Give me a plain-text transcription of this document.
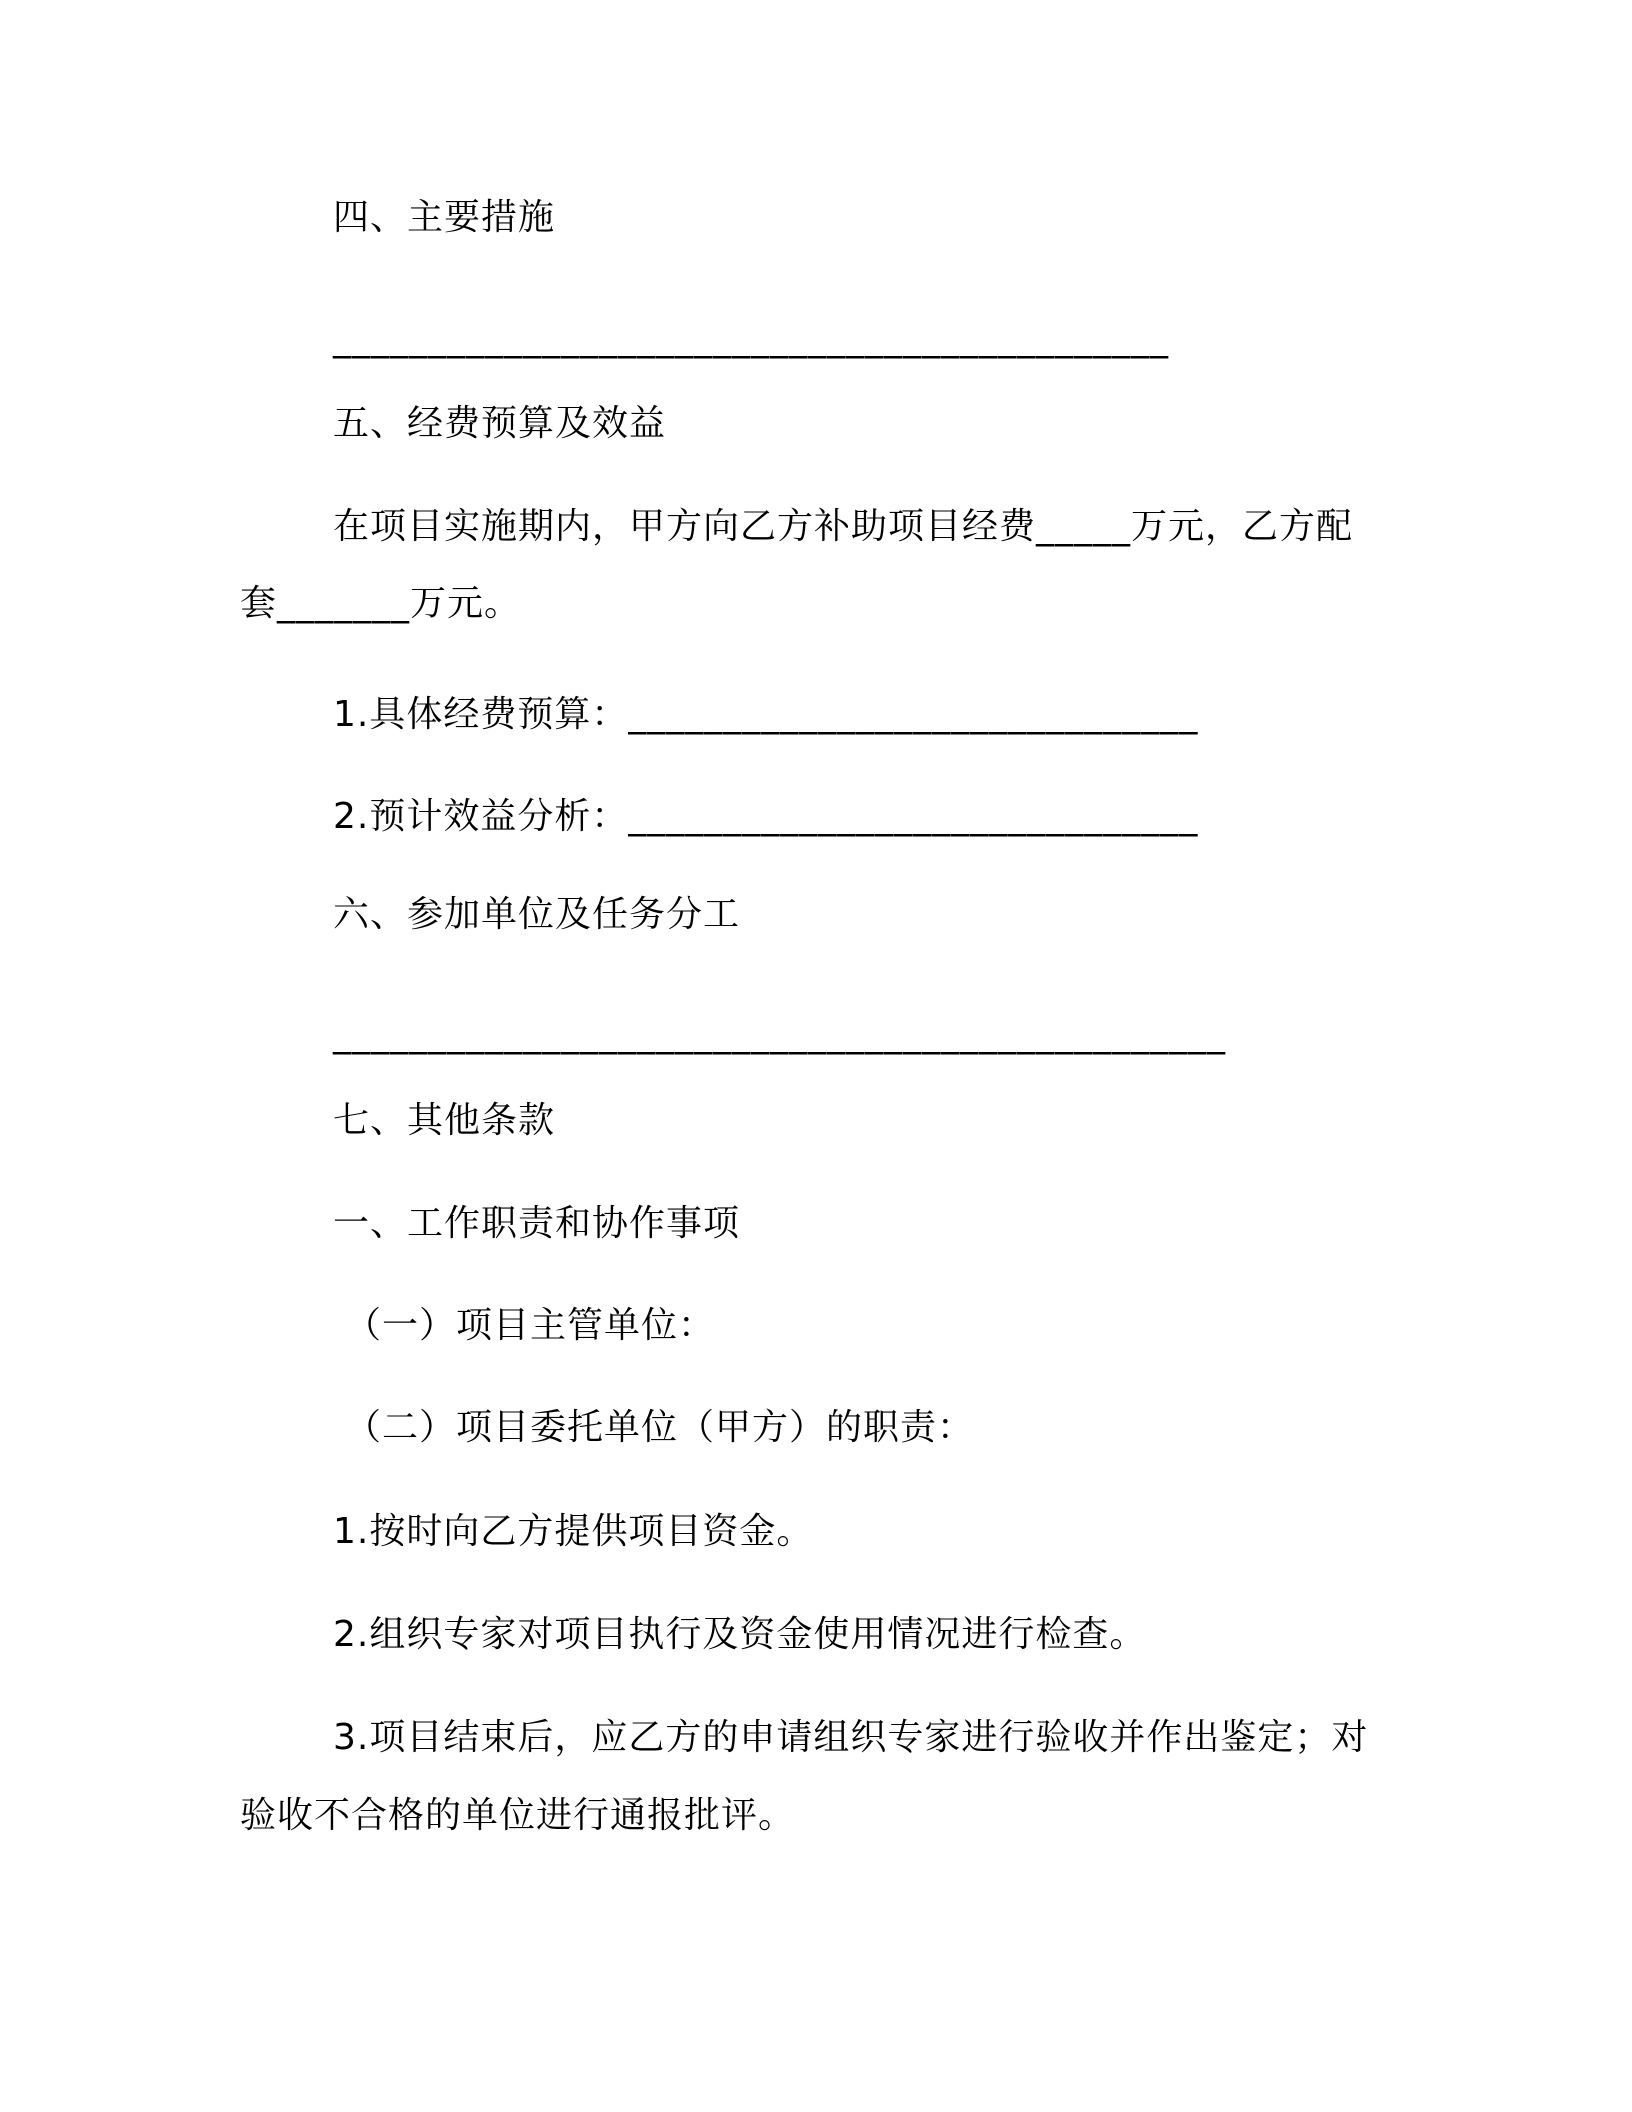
四、主要措施
____________________________________________
五、经费预算及效益
在项目实施期内，甲方向乙方补助项目经费_____万元，乙方配
套_______万元。
1.具体经费预算：______________________________
2.预计效益分析：______________________________
六、参加单位及任务分工
_______________________________________________
七、其他条款
一、工作职责和协作事项
（一）项目主管单位：
（二）项目委托单位（甲方）的职责：
1.按时向乙方提供项目资金。
2.组织专家对项目执行及资金使用情况进行检查。
3.项目结束后，应乙方的申请组织专家进行验收并作出鉴定；对
验收不合格的单位进行通报批评。
